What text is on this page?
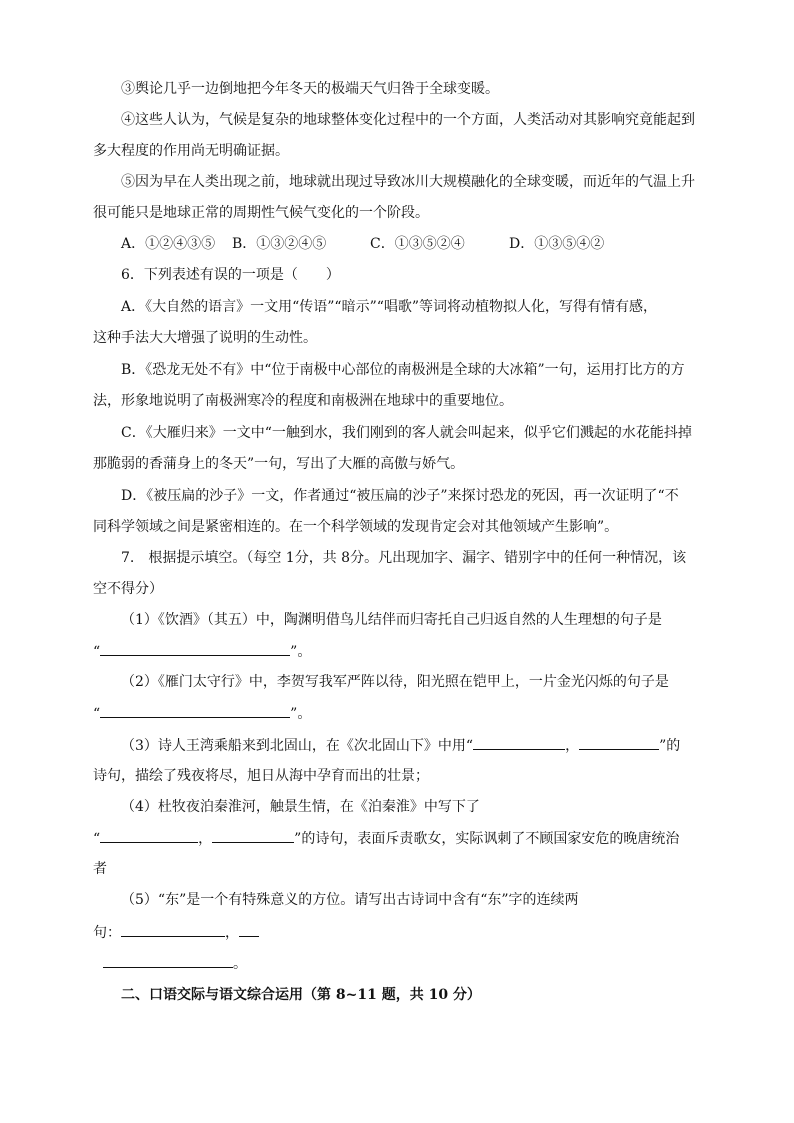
③舆论几乎一边倒地把今年冬天的极端天气归咎于全球变暖。
④这些人认为，气候是复杂的地球整体变化过程中的一个方面，人类活动对其影响究竟能起到
多大程度的作用尚无明确证据。
⑤因为早在人类出现之前，地球就出现过导致冰川大规模融化的全球变暖，而近年的气温上升
很可能只是地球正常的周期性气候气变化的一个阶段。
A．①②④③⑤ B．①③②④⑤	C．①③⑤②④	D．①③⑤④②
6．下列表述有误的一项是（　　）
A．《大自然的语言》一文用“传语”“暗示”“唱歌”等词将动植物拟人化，写得有情有感，
这种手法大大增强了说明的生动性。
B．《恐龙无处不有》中“位于南极中心部位的南极洲是全球的大冰箱”一句，运用打比方的方
法，形象地说明了南极洲寒冷的程度和南极洲在地球中的重要地位。
C．《大雁归来》一文中“一触到水，我们刚到的客人就会叫起来，似乎它们溅起的水花能抖掉
那脆弱的香蒲身上的冬天”一句，写出了大雁的高傲与娇气。
D．《被压扁的沙子》一文，作者通过“被压扁的沙子”来探讨恐龙的死因，再一次证明了“不
同科学领域之间是紧密相连的。在一个科学领域的发现肯定会对其他领域产生影响”。
7.　根据提示填空。（每空 1分，共 8分。凡出现加字、漏字、错别字中的任何一种情况，该
空不得分）
（1）《饮酒》（其五）中，陶渊明借鸟儿结伴而归寄托自己归返自然的人生理想的句子是
“	”。
（2）《雁门太守行》中，李贺写我军严阵以待，阳光照在铠甲上，一片金光闪烁的句子是
“	”。
（3）诗人王湾乘船来到北固山，在《次北固山下》中用“	，	”的
诗句，描绘了残夜将尽，旭日从海中孕育而出的壮景；
（4）杜牧夜泊秦淮河，触景生情，在《泊秦淮》中写下了
“	，	”的诗句，表面斥责歌女，实际讽刺了不顾国家安危的晚唐统治
者
（5）“东”是一个有特殊意义的方位。请写出古诗词中含有“东”字的连续两
句：	，
。
二、口语交际与语文综合运用（第 8~11 题，共 10 分）
